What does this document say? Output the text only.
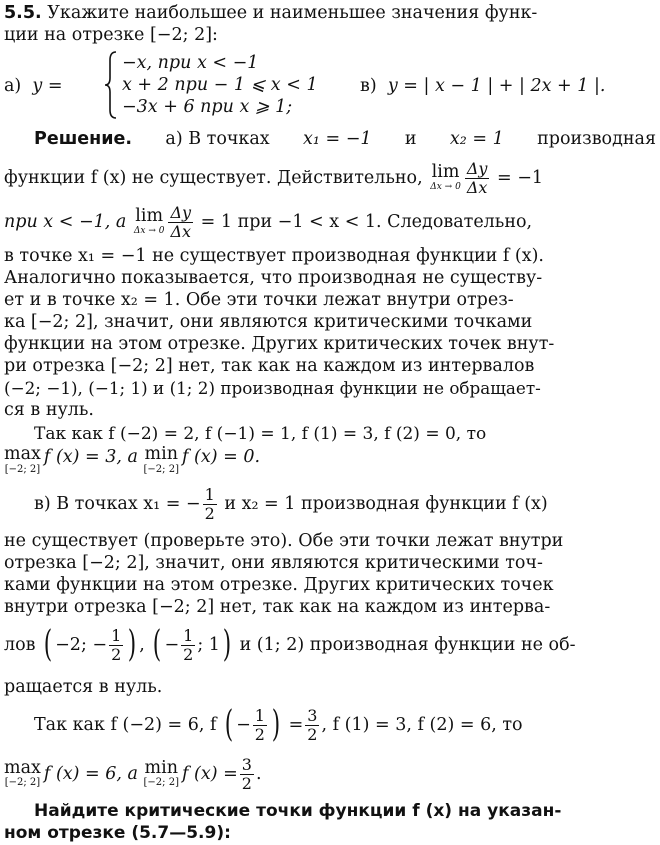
5.5. Укажите наибольшее и наименьшее значения функ-
ции на отрезке [−2; 2]:
а) y =
−x, при x < −1
x + 2 при − 1 ⩽ x < 1
−3x + 6 при x ⩾ 1;
в) y = | x − 1 | + | 2x + 1 |.
Решение. а) В точках x₁ = −1 и x₂ = 1 производная
функции f (x) не существует. Действительно,
lim
$\Delta x \to 0 \frac{\Delta y}{\Delta x}$
= −1
при x < −1, а
lim
$\Delta x \to 0 \frac{\Delta y}{\Delta x}$
= 1 при −1 < x < 1. Следовательно,
в точке x₁ = −1 не существует производная функции f (x).
Аналогично показывается, что производная не существу-
ет и в точке x₂ = 1. Обе эти точки лежат внутри отрез-
ка [−2; 2], значит, они являются критическими точками
функции на этом отрезке. Других критических точек внут-
ри отрезка [−2; 2] нет, так как на каждом из интервалов
(−2; −1), (−1; 1) и (1; 2) производная функции не обращает-
ся в нуль.
Так как f (−2) = 2, f (−1) = 1, f (1) = 3, f (2) = 0, то
max
[−2; 2]
f (x) = 3, а
min
[−2; 2]
f (x) = 0.
в) В точках x₁ = − $\frac{1}{2}$
и x₂ = 1 производная функции f (x)
не существует (проверьте это). Обе эти точки лежат внутри
отрезка [−2; 2], значит, они являются критическими точ-
ками функции на этом отрезке. Других критических точек
внутри отрезка [−2; 2] нет, так как на каждом из интерва-
лов
( −2; − $\frac{1}{2}$ ) , ( − $\frac{1}{2}$ ; 1 )
и (1; 2) производная функции не об-
ращается в нуль.
Так как f (−2) = 6, f
( − $\frac{1}{2}$ )
= $\frac{3}{2}$ , f (1) = 3, f (2) = 6, то
max
[−2; 2] f (x) = 6, а
min
[−2; 2] f $(x) = \frac{3}{2}$ .
Найдите критические точки функции f (x) на указан-
ном отрезке (5.7—5.9):
